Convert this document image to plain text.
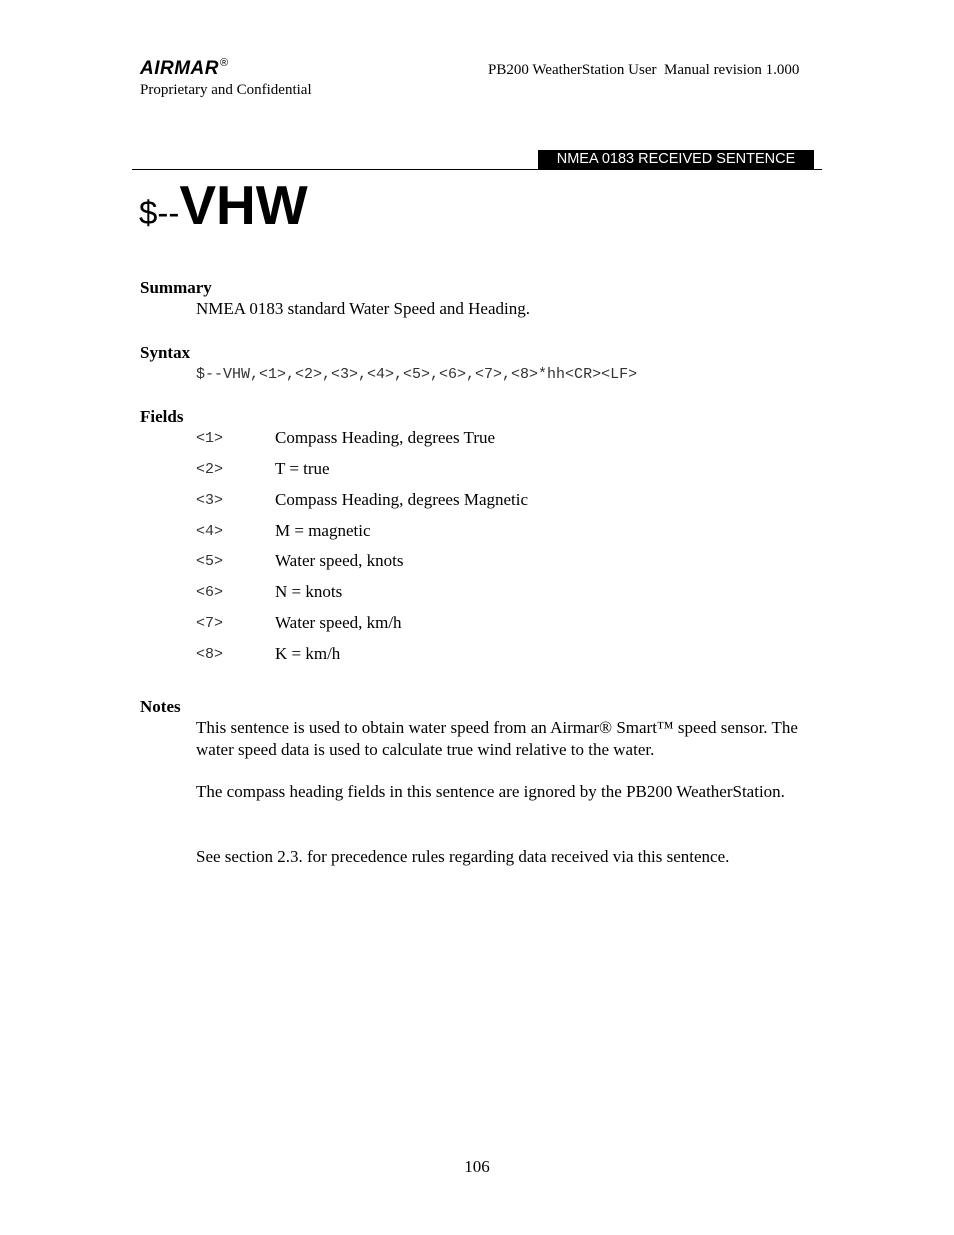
AIRMAR®
Proprietary and Confidential
PB200 WeatherStation User  Manual revision 1.000
NMEA 0183 RECEIVED SENTENCE
$--VHW
Summary
NMEA 0183 standard Water Speed and Heading.
Syntax
$--VHW,<1>,<2>,<3>,<4>,<5>,<6>,<7>,<8>*hh<CR><LF>
Fields
<1>	Compass Heading, degrees True
<2>	T = true
<3>	Compass Heading, degrees Magnetic
<4>	M = magnetic
<5>	Water speed, knots
<6>	N = knots
<7>	Water speed, km/h
<8>	K = km/h
Notes
This sentence is used to obtain water speed from an Airmar® Smart™ speed sensor. The water speed data is used to calculate true wind relative to the water.
The compass heading fields in this sentence are ignored by the PB200 WeatherStation.
See section 2.3. for precedence rules regarding data received via this sentence.
106
